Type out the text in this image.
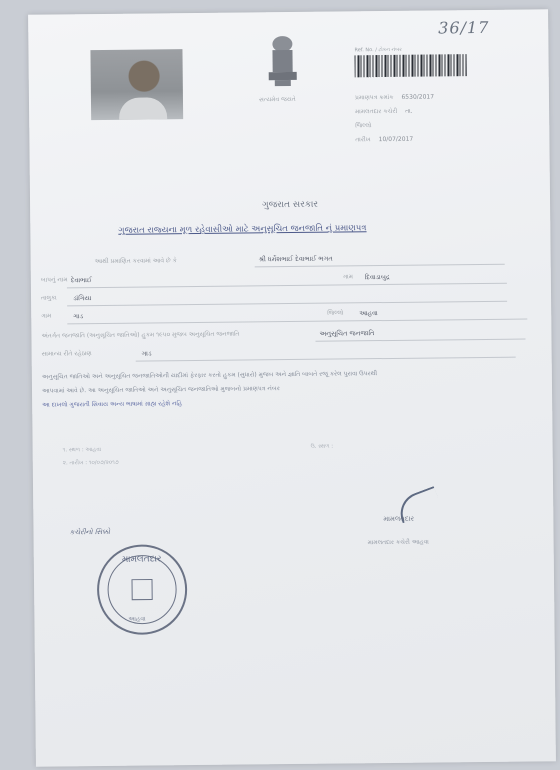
સત્યમેવ જયતે
36/17
Ref. No. / ટોકન નંબર
પ્રમાણપત્ર ક્રમાંક 6530/2017
મામલતદાર કચેરી તા.
જિલ્લો
તારીખ 10/07/2017
ગુજરાત સરકાર
ગુજરાત રાજ્યના મૂળ રહેવાસીઓ માટે અનુસૂચિત જનજાતિ નું પ્રમાણપત્ર
આથી પ્રમાણિત કરવામાં આવે છે કે	શ્રી ધર્મેશભાઈ દેવાભાઈ ભગત
બાપનું નામ દેવાભાઈ	ગામ દિવાડાબુદ્ર
તાલુકા ડાંગિયા
ગામ	ગાડ	જિલ્લો આહવા
અંતર્ગત જનજાતિ (અનુસૂચિત જાતિઓ) હુકમ ૧૯૫૦ મુજબ અનુસૂચિત જનજાતિ	અનુસૂચિત જનજાતિ
સામાન્ય રીતે રહેઠાણ	ગાડ
અનુસૂચિત જાતિઓ અને અનુસૂચિત જનજાતિઓની યાદીમાં ફેરફાર કરતો હુકમ (સુધારો) મુજબ અને જ્ઞાતિ બાબતે રજૂ કરેલ પુરાવા ઉપરથી
આપવામાં આવે છે. આ અનુસૂચિત જાતિઓ અને અનુસૂચિત જનજાતિઓ મુજબનો પ્રમાણપત્ર નંબર
આ દાખલો ગુજરાતી સિવાય અન્ય ભાષામાં ગ્રાહ્ય રહેશે નહિ
૧. સ્થળ : આહવા
૨. તારીખ : ૧૦/૦૭/૨૦૧૭
ઉ. સ્થળ :
મામલતદાર
મામલતદાર કચેરી આહવા
કચેરીનો સિક્કો
મામલતદાર
આહવા
